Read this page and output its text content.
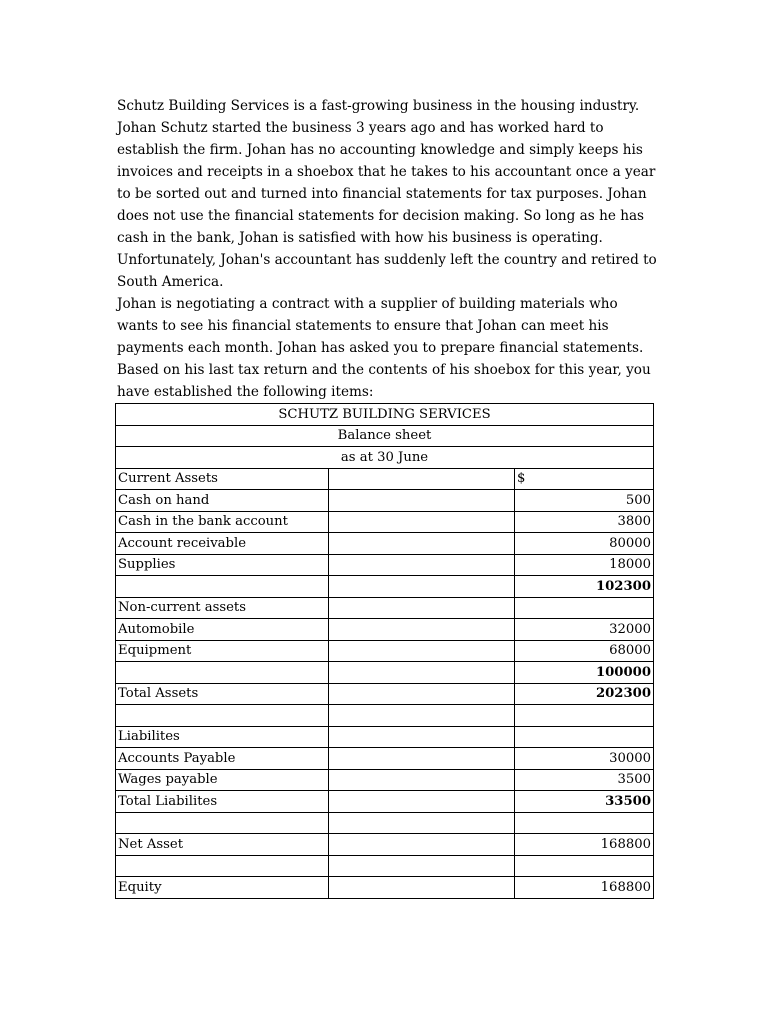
Schutz Building Services is a fast-growing business in the housing industry. Johan Schutz started the business 3 years ago and has worked hard to establish the firm. Johan has no accounting knowledge and simply keeps his invoices and receipts in a shoebox that he takes to his accountant once a year to be sorted out and turned into financial statements for tax purposes. Johan does not use the financial statements for decision making. So long as he has cash in the bank, Johan is satisfied with how his business is operating. Unfortunately, Johan's accountant has suddenly left the country and retired to South America.

Johan is negotiating a contract with a supplier of building materials who wants to see his financial statements to ensure that Johan can meet his payments each month. Johan has asked you to prepare financial statements. Based on his last tax return and the contents of his shoebox for this year, you have established the following items:

SCHUTZ BUILDING SERVICES		
Balance sheet		
as at 30 June		
Current Assets		$
Cash on hand		500
Cash in the bank account		3800
Account receivable		80000
Supplies		18000
		102300
Non-current assets		
Automobile		32000
Equipment		68000
		100000
Total Assets		202300

Liabilites		
Accounts Payable		30000
Wages payable		3500
Total Liabilites		33500

Net Asset		168800

Equity		168800
